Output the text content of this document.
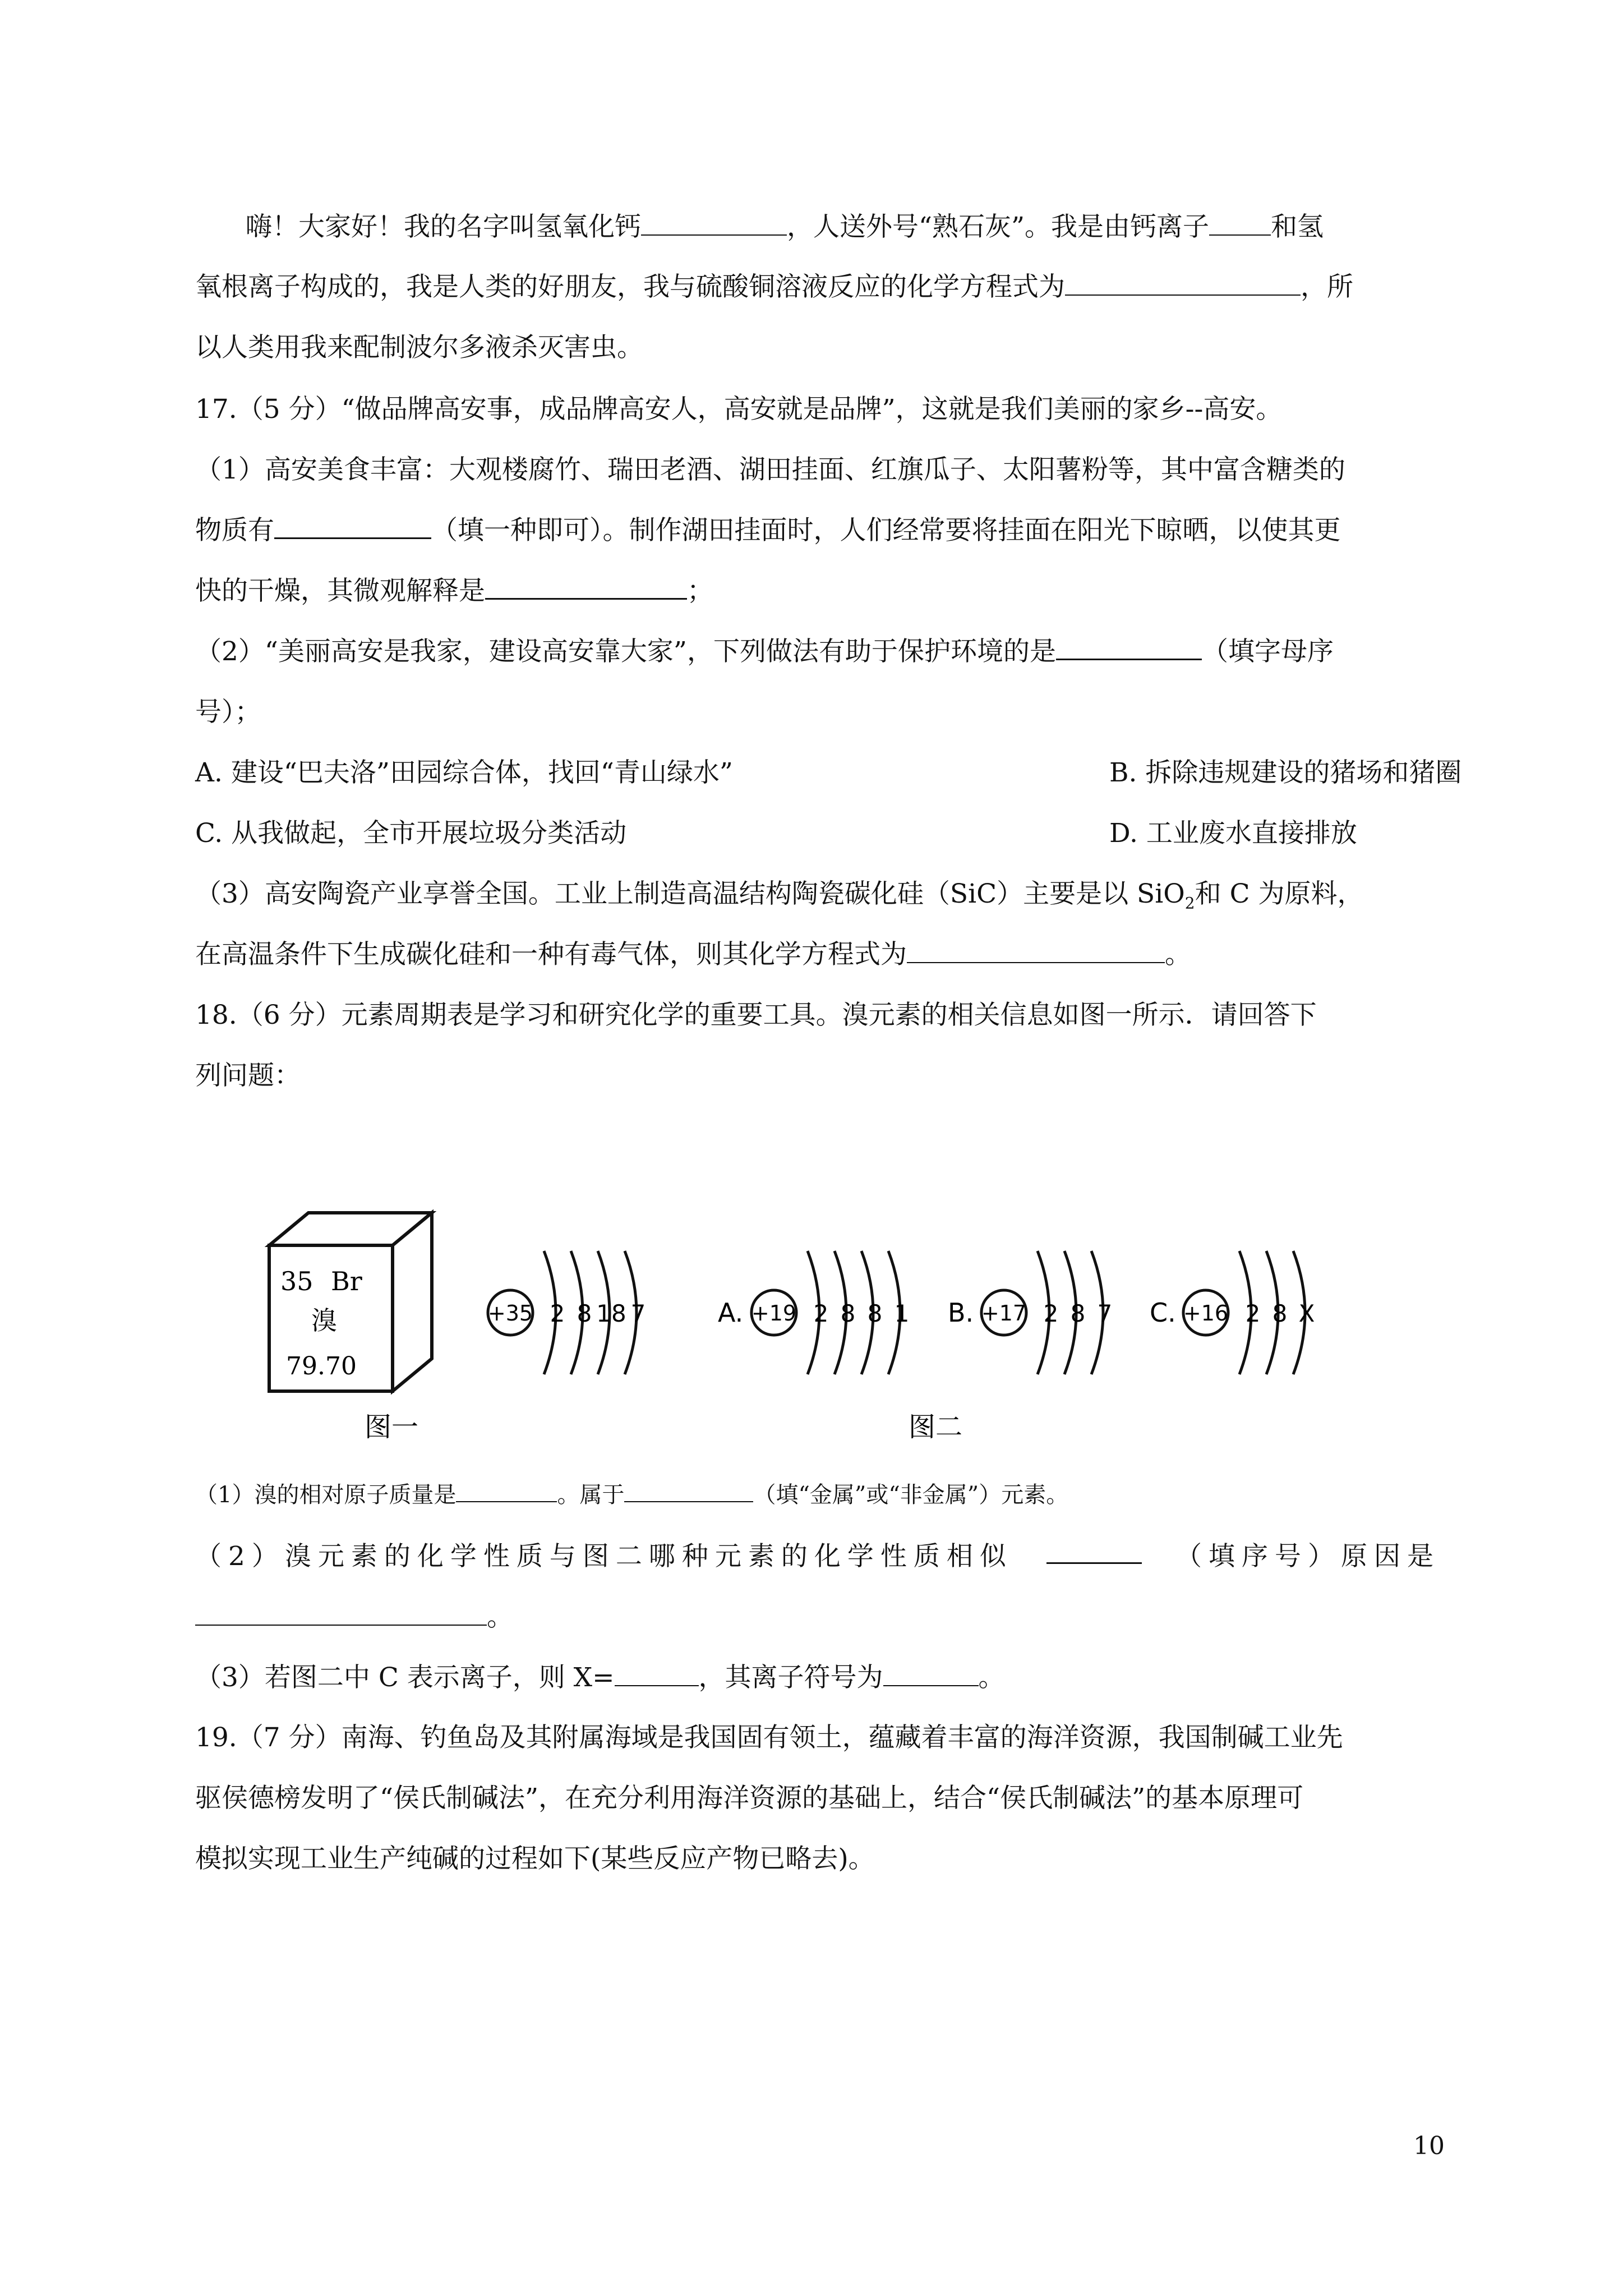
嗨！大家好！我的名字叫氢氧化钙	，人送外号“熟石灰”。我是由钙离子 和氢
氧根离子构成的，我是人类的好朋友，我与硫酸铜溶液反应的化学方程式为	，所
以人类用我来配制波尔多液杀灭害虫。
17.（5 分）“做品牌高安事，成品牌高安人，高安就是品牌”，这就是我们美丽的家乡--高安。
（1）高安美食丰富：大观楼腐竹、瑞田老酒、湖田挂面、红旗瓜子、太阳薯粉等，其中富含糖类的
物质有	（填一种即可）。制作湖田挂面时，人们经常要将挂面在阳光下晾晒，以使其更
快的干燥，其微观解释是	；
（2）“美丽高安是我家，建设高安靠大家”，下列做法有助于保护环境的是	（填字母序
号）；
A. 建设“巴夫洛”田园综合体，找回“青山绿水”	B. 拆除违规建设的猪场和猪圈
C. 从我做起，全市开展垃圾分类活动	D. 工业废水直接排放
（3）高安陶瓷产业享誉全国。工业上制造高温结构陶瓷碳化硅（SiC）主要是以 SiO$_2$和 C 为原料，
在高温条件下生成碳化硅和一种有毒气体，则其化学方程式为	。
18.（6 分）元素周期表是学习和研究化学的重要工具。溴元素的相关信息如图一所示．请回答下
列问题：
35 Br
溴
79.70
+35 2 8 18 7	A. +19 2 8 8 1 B. +17 2 8 7 C. +16 2 8 X
图一	图二
（1）溴的相对原子质量是	。属于	（填“金属”或“非金属”）元素。
（2）溴元素的化学性质与图二哪种元素的化学性质相似	（填序号）原因是
。
（3）若图二中 C 表示离子，则 X=	，其离子符号为	。
19.（7 分）南海、钓鱼岛及其附属海域是我国固有领土，蕴藏着丰富的海洋资源，我国制碱工业先
驱侯德榜发明了“侯氏制碱法”，在充分利用海洋资源的基础上，结合“侯氏制碱法”的基本原理可
模拟实现工业生产纯碱的过程如下(某些反应产物已略去)。
10
